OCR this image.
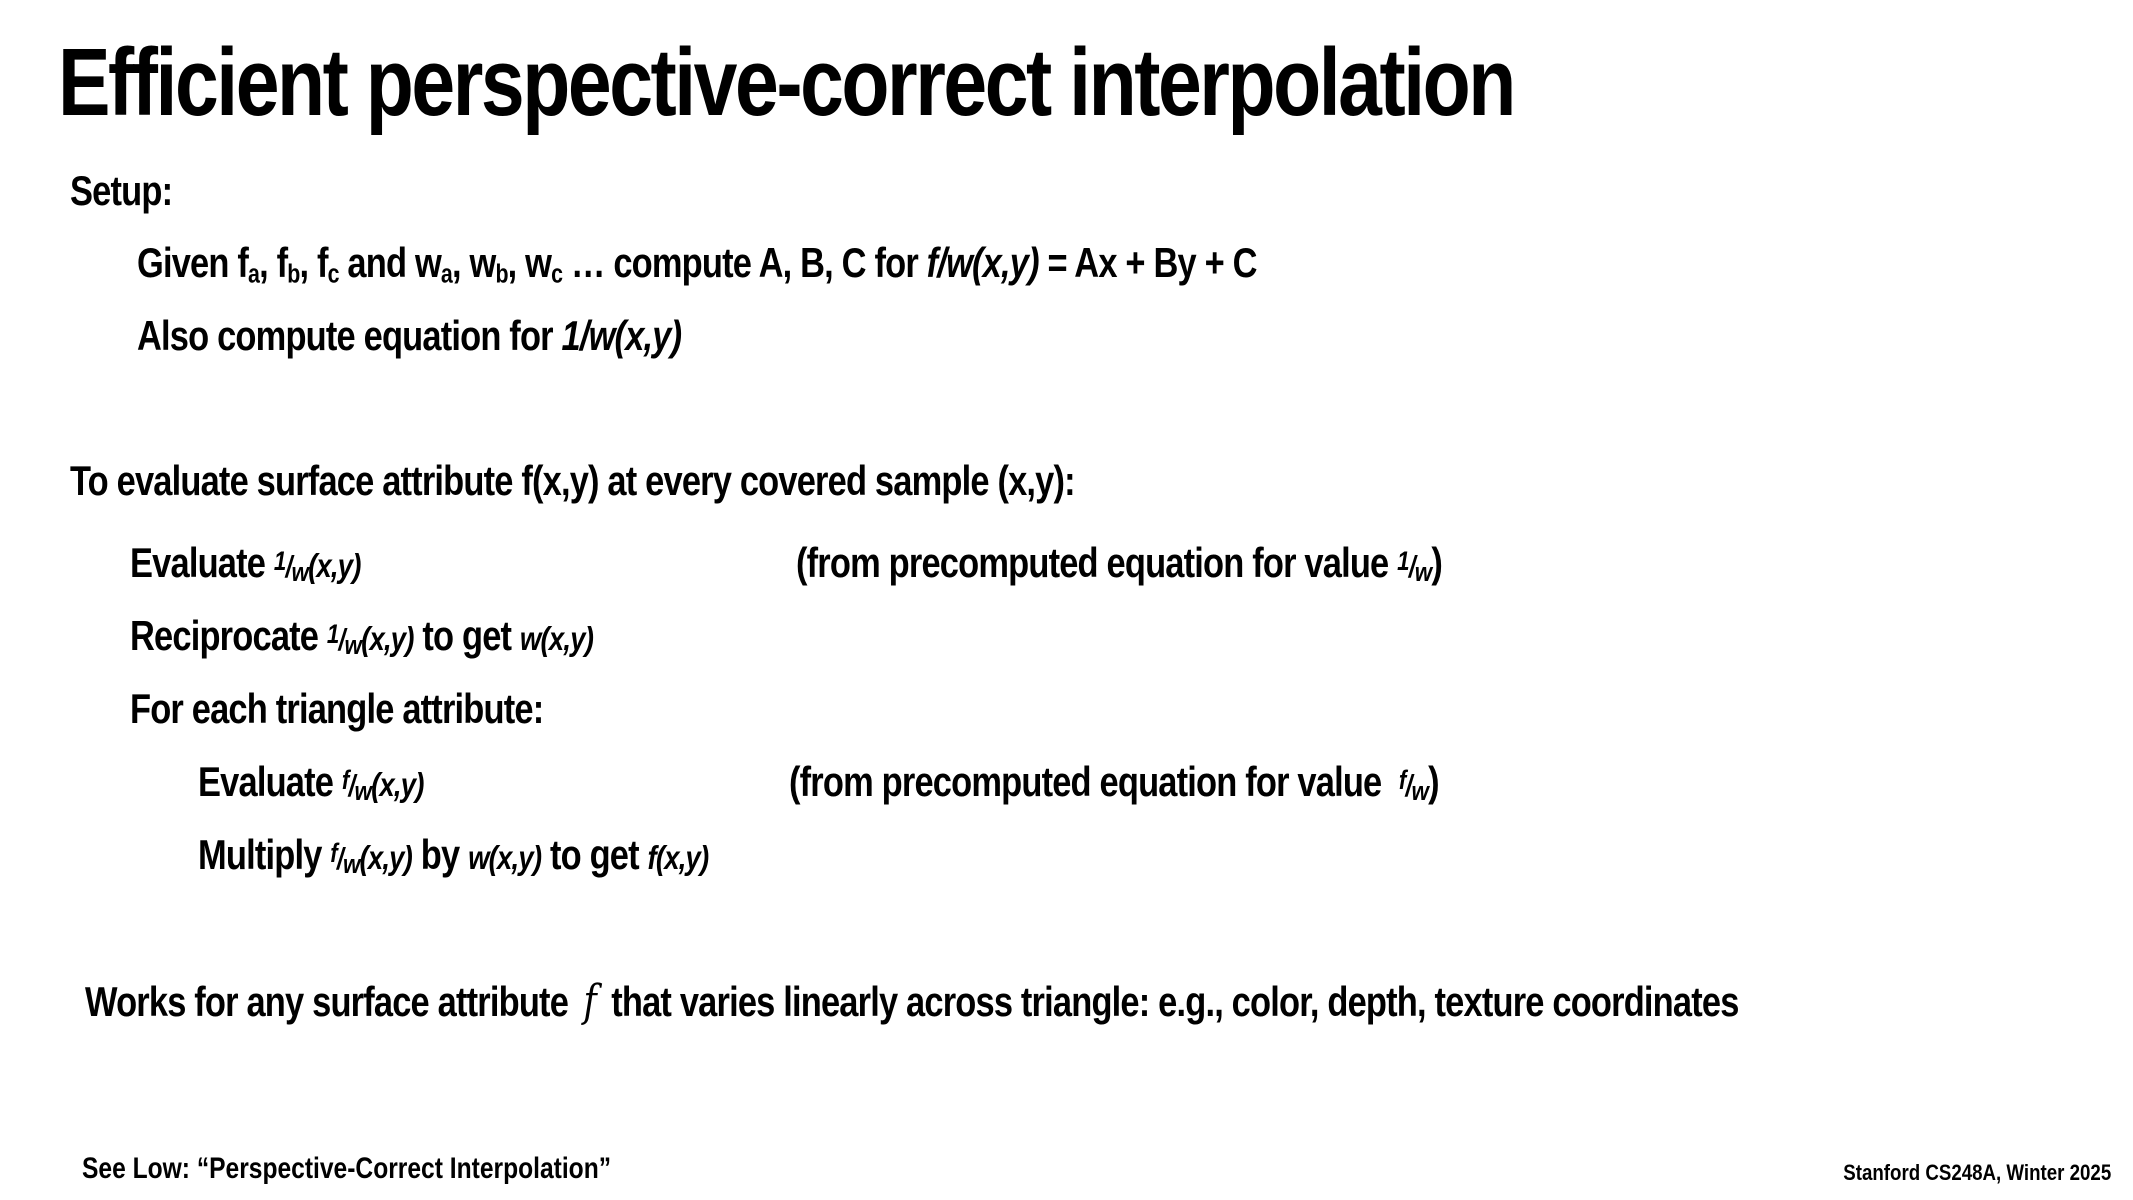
Efficient perspective-correct interpolation
Setup:
Given $f_a$, $f_b$, $f_c$ and $w_a$, $w_b$, $w_c$ … compute A, B, C for f/w(x,y) = Ax + By + C
Also compute equation for 1/w(x,y)
To evaluate surface attribute f(x,y) at every covered sample (x,y):
Evaluate 1/w(x,y)	(from precomputed equation for value 1/w)
Reciprocate 1/w(x,y) to get w(x,y)
For each triangle attribute:
Evaluate f/w(x,y)	(from precomputed equation for value  f/w)
Multiply f/w(x,y) by w(x,y) to get f(x,y)
Works for any surface attribute f that varies linearly across triangle: e.g., color, depth, texture coordinates
See Low: “Perspective-Correct Interpolation”	Stanford CS248A, Winter 2025
